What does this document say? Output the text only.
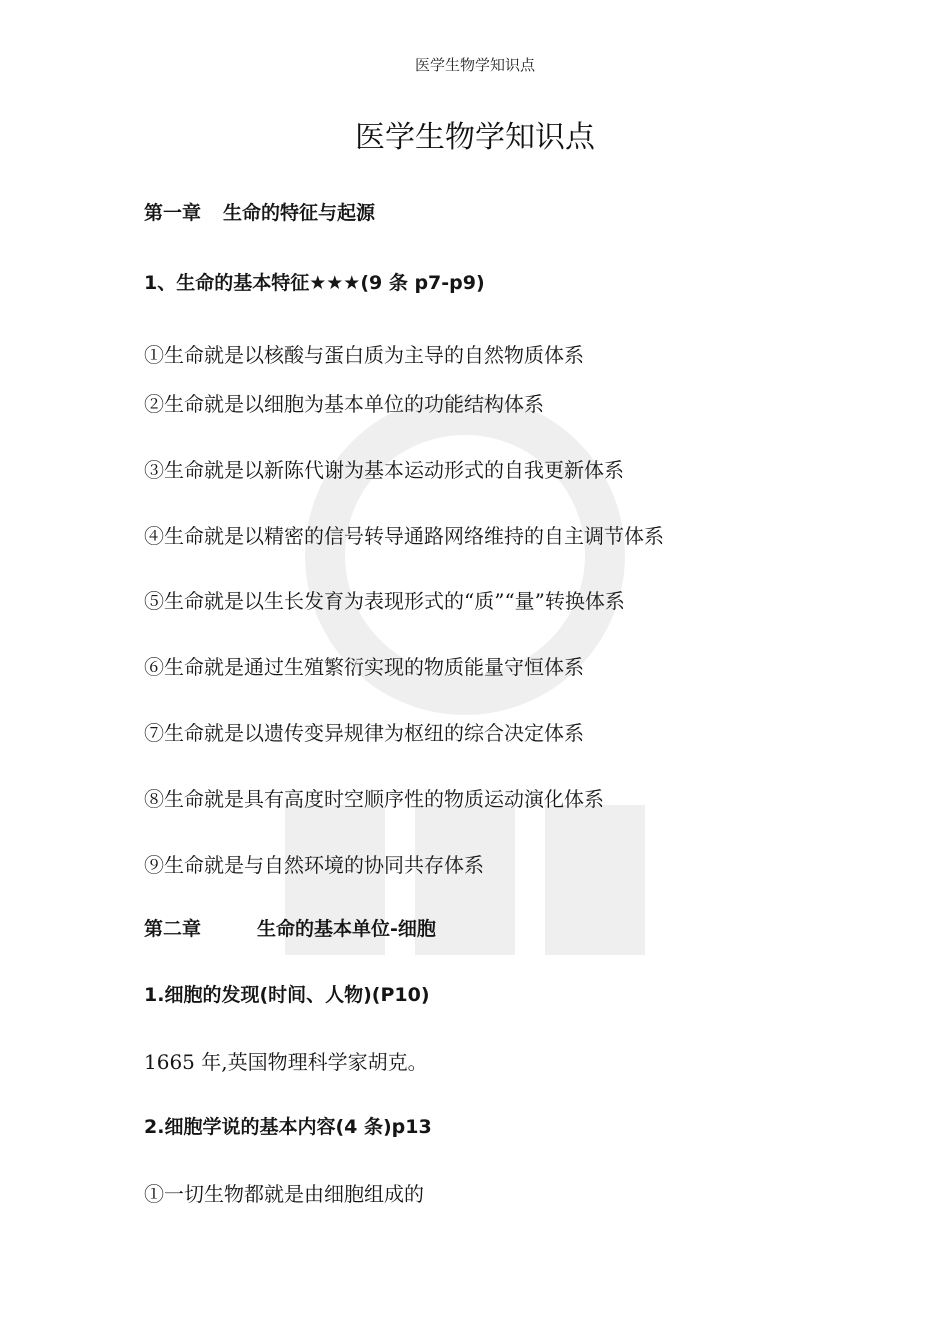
医学生物学知识点
医学生物学知识点
第一章 生命的特征与起源
1、生命的基本特征★★★(9 条 p7-p9)
①生命就是以核酸与蛋白质为主导的自然物质体系
②生命就是以细胞为基本单位的功能结构体系
③生命就是以新陈代谢为基本运动形式的自我更新体系
④生命就是以精密的信号转导通路网络维持的自主调节体系
⑤生命就是以生长发育为表现形式的“质”“量”转换体系
⑥生命就是通过生殖繁衍实现的物质能量守恒体系
⑦生命就是以遗传变异规律为枢纽的综合决定体系
⑧生命就是具有高度时空顺序性的物质运动演化体系
⑨生命就是与自然环境的协同共存体系
第二章	生命的基本单位-细胞
1.细胞的发现(时间、人物)(P10)
1665 年,英国物理科学家胡克。
2.细胞学说的基本内容(4 条)p13
①一切生物都就是由细胞组成的
